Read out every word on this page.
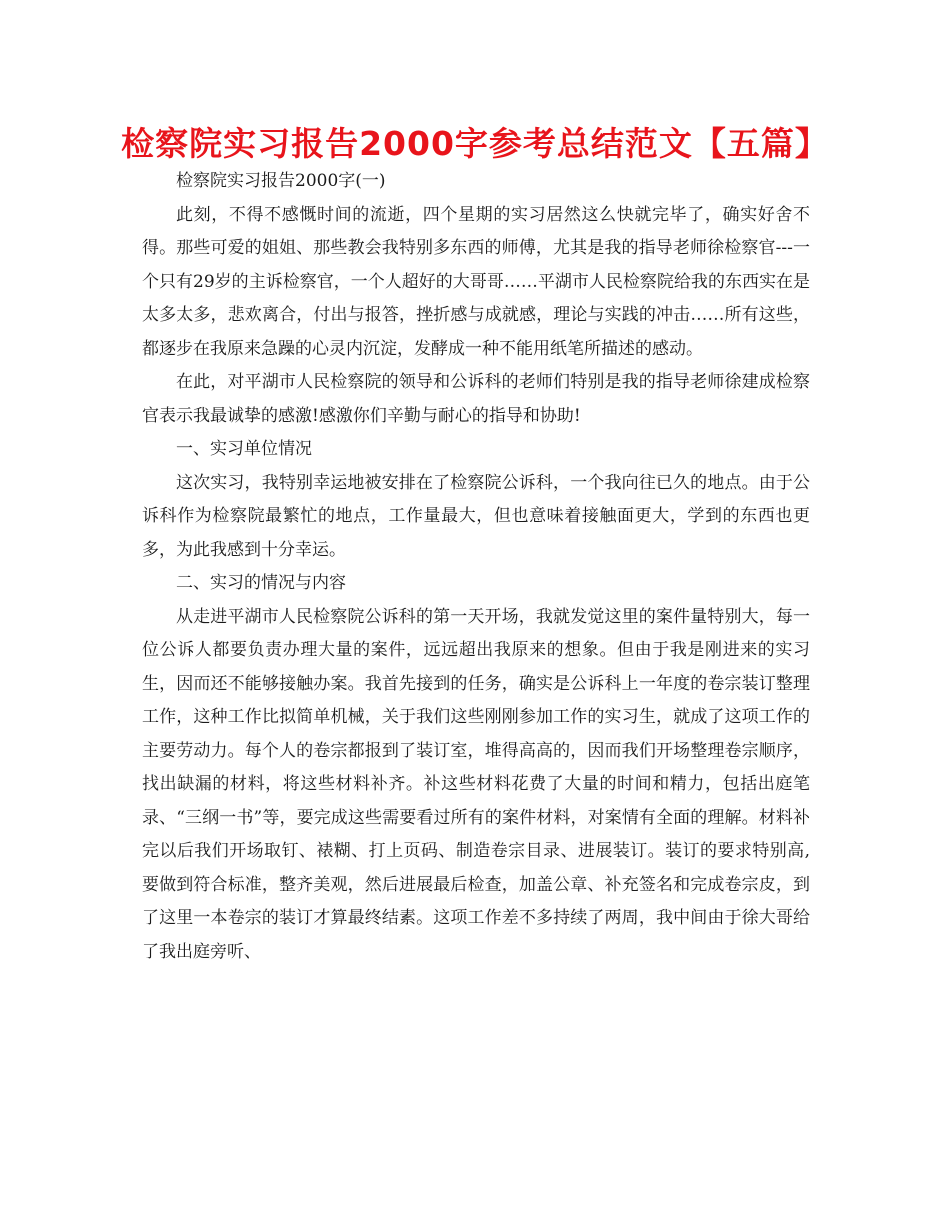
检察院实习报告2000字参考总结范文【五篇】

检察院实习报告2000字(一)

此刻，不得不感慨时间的流逝，四个星期的实习居然这么快就完毕了，确实好舍不得。那些可爱的姐姐、那些教会我特别多东西的师傅，尤其是我的指导老师徐检察官---一个只有29岁的主诉检察官，一个人超好的大哥哥……平湖市人民检察院给我的东西实在是太多太多，悲欢离合，付出与报答，挫折感与成就感，理论与实践的冲击……所有这些，都逐步在我原来急躁的心灵内沉淀，发酵成一种不能用纸笔所描述的感动。

在此，对平湖市人民检察院的领导和公诉科的老师们特别是我的指导老师徐建成检察官表示我最诚挚的感激!感激你们辛勤与耐心的指导和协助!

一、实习单位情况

这次实习，我特别幸运地被安排在了检察院公诉科，一个我向往已久的地点。由于公诉科作为检察院最繁忙的地点，工作量最大，但也意味着接触面更大，学到的东西也更多，为此我感到十分幸运。

二、实习的情况与内容

从走进平湖市人民检察院公诉科的第一天开场，我就发觉这里的案件量特别大，每一位公诉人都要负责办理大量的案件，远远超出我原来的想象。但由于我是刚进来的实习生，因而还不能够接触办案。我首先接到的任务，确实是公诉科上一年度的卷宗装订整理工作，这种工作比拟简单机械，关于我们这些刚刚参加工作的实习生，就成了这项工作的主要劳动力。每个人的卷宗都报到了装订室，堆得高高的，因而我们开场整理卷宗顺序，找出缺漏的材料，将这些材料补齐。补这些材料花费了大量的时间和精力，包括出庭笔录、“三纲一书”等，要完成这些需要看过所有的案件材料，对案情有全面的理解。材料补完以后我们开场取钉、裱糊、打上页码、制造卷宗目录、进展装订。装订的要求特别高,要做到符合标准，整齐美观，然后进展最后检查，加盖公章、补充签名和完成卷宗皮，到了这里一本卷宗的装订才算最终结素。这项工作差不多持续了两周，我中间由于徐大哥给了我出庭旁听、
